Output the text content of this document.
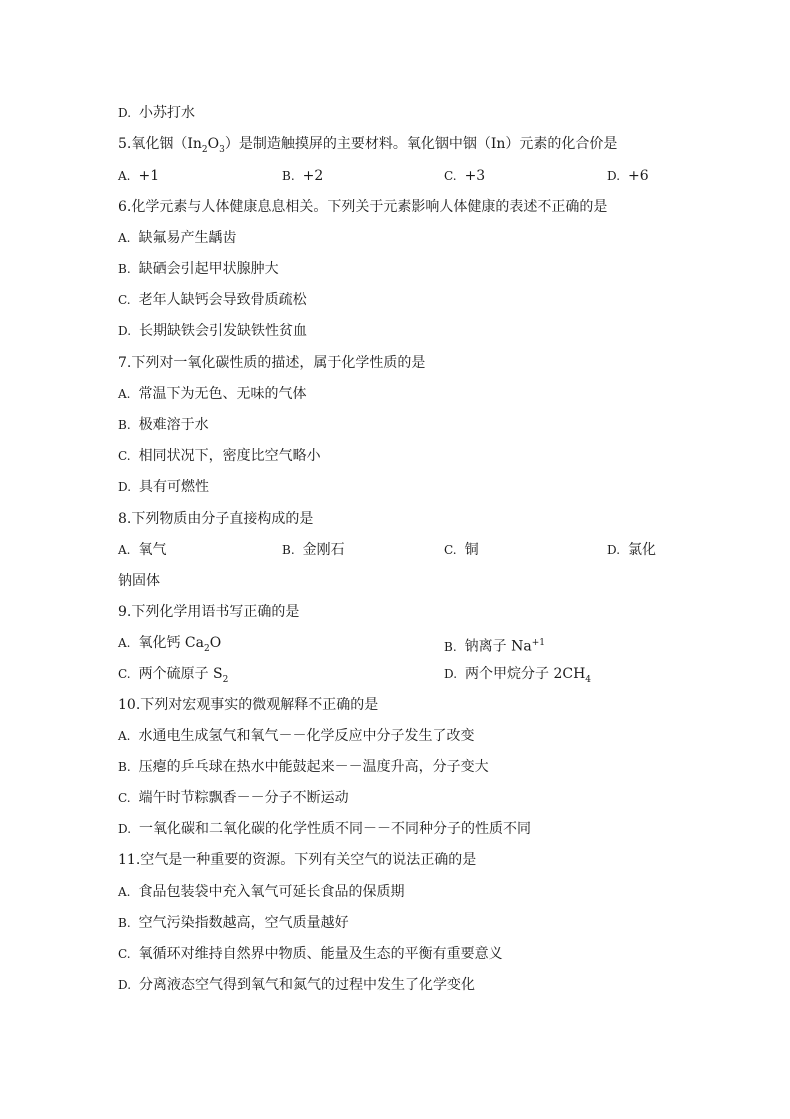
D. 小苏打水
5.氧化铟$(In_2O_3)$是制造触摸屏的主要材料。氧化铟中铟（In）元素的化合价是
A. +1	B. +2	C. +3	D. +6
6.化学元素与人体健康息息相关。下列关于元素影响人体健康的表述不正确的是
A. 缺氟易产生龋齿
B. 缺硒会引起甲状腺肿大
C. 老年人缺钙会导致骨质疏松
D. 长期缺铁会引发缺铁性贫血
7.下列对一氧化碳性质的描述，属于化学性质的是
A. 常温下为无色、无味的气体
B. 极难溶于水
C. 相同状况下，密度比空气略小
D. 具有可燃性
8.下列物质由分子直接构成的是
A. 氧气	B. 金刚石	C. 铜	D. 氯化
钠固体
9.下列化学用语书写正确的是
A. 氧化钙 $Ca_2O$	B. 钠离子 $Na^{+1}$
C. 两个硫原子 $S_2$	D. 两个甲烷分子 $2CH_4$
10.下列对宏观事实的微观解释不正确的是
A. 水通电生成氢气和氧气－－化学反应中分子发生了改变
B. 压瘪的乒乓球在热水中能鼓起来－－温度升高，分子变大
C. 端午时节粽飘香－－分子不断运动
D. 一氧化碳和二氧化碳的化学性质不同－－不同种分子的性质不同
11.空气是一种重要的资源。下列有关空气的说法正确的是
A. 食品包装袋中充入氧气可延长食品的保质期
B. 空气污染指数越高，空气质量越好
C. 氧循环对维持自然界中物质、能量及生态的平衡有重要意义
D. 分离液态空气得到氧气和氮气的过程中发生了化学变化
